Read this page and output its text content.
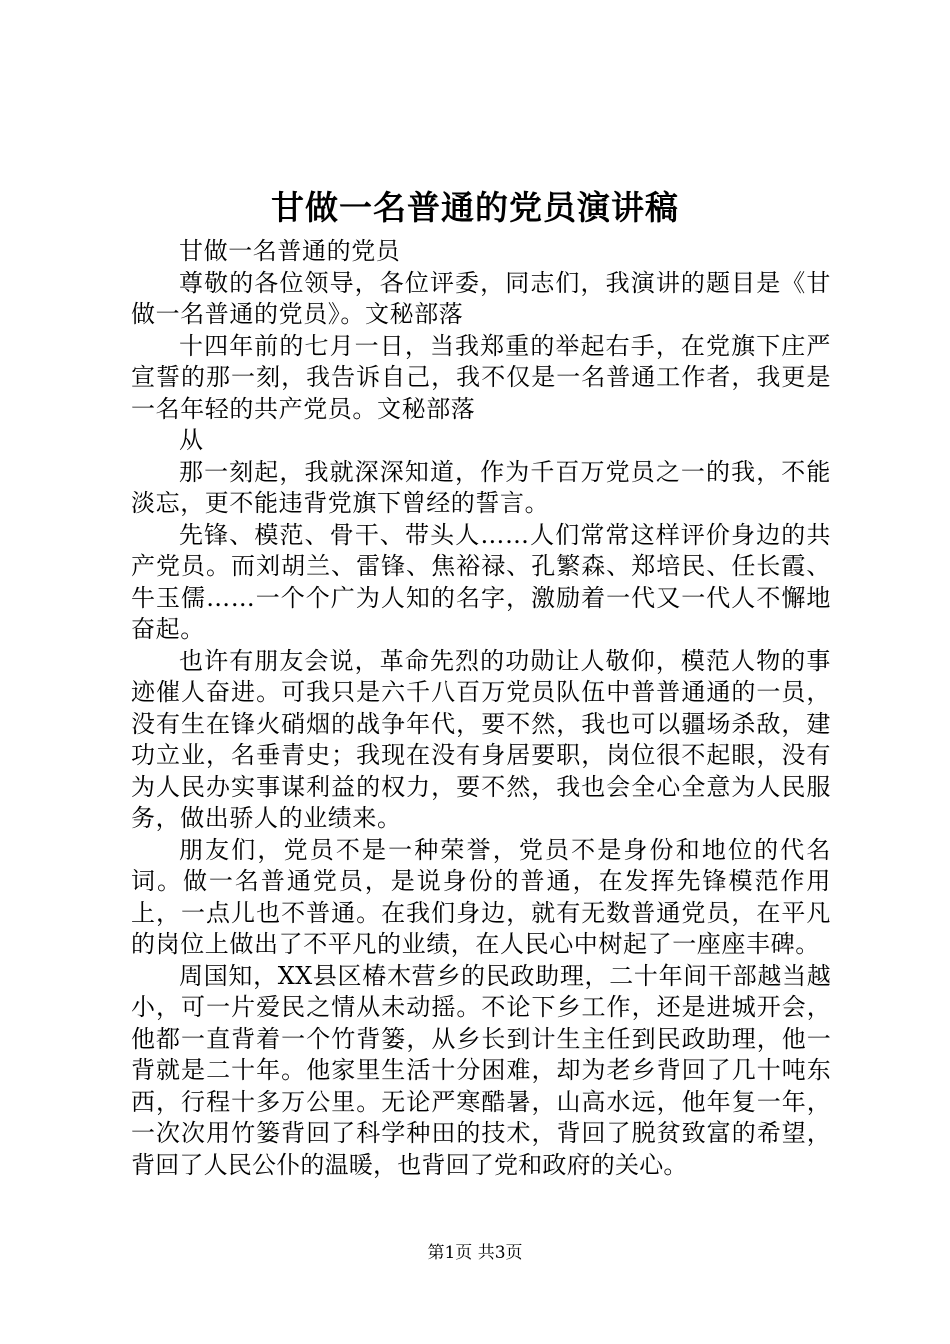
甘做一名普通的党员演讲稿

甘做一名普通的党员

尊敬的各位领导，各位评委，同志们，我演讲的题目是《甘做一名普通的党员》。文秘部落

十四年前的七月一日，当我郑重的举起右手，在党旗下庄严宣誓的那一刻，我告诉自己，我不仅是一名普通工作者，我更是一名年轻的共产党员。文秘部落

从

那一刻起，我就深深知道，作为千百万党员之一的我，不能淡忘，更不能违背党旗下曾经的誓言。

先锋、模范、骨干、带头人……人们常常这样评价身边的共产党员。而刘胡兰、雷锋、焦裕禄、孔繁森、郑培民、任长霞、牛玉儒……一个个广为人知的名字，激励着一代又一代人不懈地奋起。

也许有朋友会说，革命先烈的功勋让人敬仰，模范人物的事迹催人奋进。可我只是六千八百万党员队伍中普普通通的一员，没有生在锋火硝烟的战争年代，要不然，我也可以疆场杀敌，建功立业，名垂青史；我现在没有身居要职，岗位很不起眼，没有为人民办实事谋利益的权力，要不然，我也会全心全意为人民服务，做出骄人的业绩来。

朋友们，党员不是一种荣誉，党员不是身份和地位的代名词。做一名普通党员，是说身份的普通，在发挥先锋模范作用上，一点儿也不普通。在我们身边，就有无数普通党员，在平凡的岗位上做出了不平凡的业绩，在人民心中树起了一座座丰碑。

周国知，XX县区椿木营乡的民政助理，二十年间干部越当越小，可一片爱民之情从未动摇。不论下乡工作，还是进城开会，他都一直背着一个竹背篓，从乡长到计生主任到民政助理，他一背就是二十年。他家里生活十分困难，却为老乡背回了几十吨东西，行程十多万公里。无论严寒酷暑，山高水远，他年复一年，一次次用竹篓背回了科学种田的技术，背回了脱贫致富的希望，背回了人民公仆的温暖，也背回了党和政府的关心。

第1页 共3页
